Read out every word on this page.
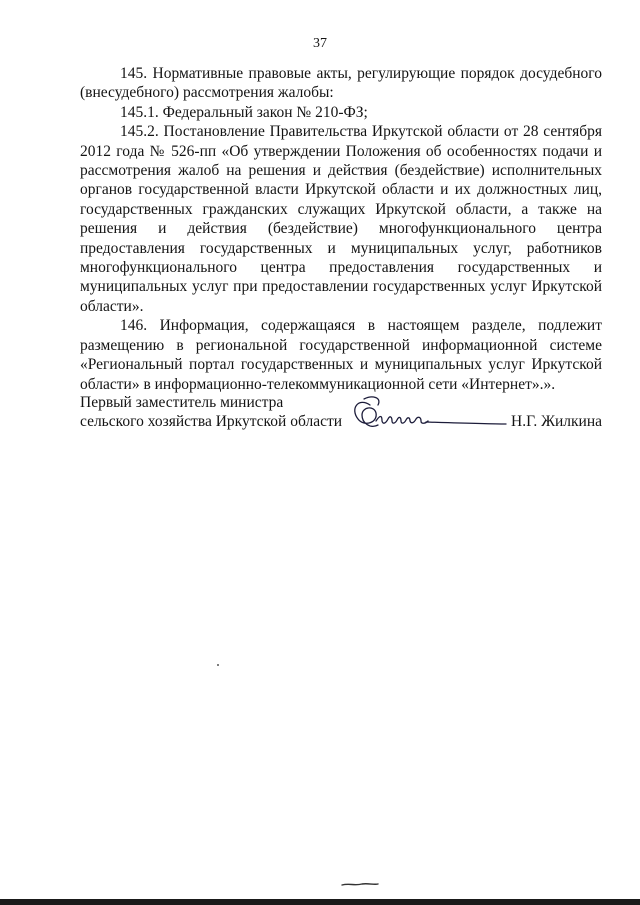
37

145. Нормативные правовые акты, регулирующие порядок досудебного (внесудебного) рассмотрения жалобы:

145.1. Федеральный закон № 210-ФЗ;

145.2. Постановление Правительства Иркутской области от 28 сентября 2012 года № 526-пп «Об утверждении Положения об особенностях подачи и рассмотрения жалоб на решения и действия (бездействие) исполнительных органов государственной власти Иркутской области и их должностных лиц, государственных гражданских служащих Иркутской области, а также на решения и действия (бездействие) многофункционального центра предоставления государственных и муниципальных услуг, работников многофункционального центра предоставления государственных и муниципальных услуг при предоставлении государственных услуг Иркутской области».

146. Информация, содержащаяся в настоящем разделе, подлежит размещению в региональной государственной информационной системе «Региональный портал государственных и муниципальных услуг Иркутской области» в информационно-телекоммуникационной сети «Интернет».».

Первый заместитель министра
сельского хозяйства Иркутской области	Н.Г. Жилкина
